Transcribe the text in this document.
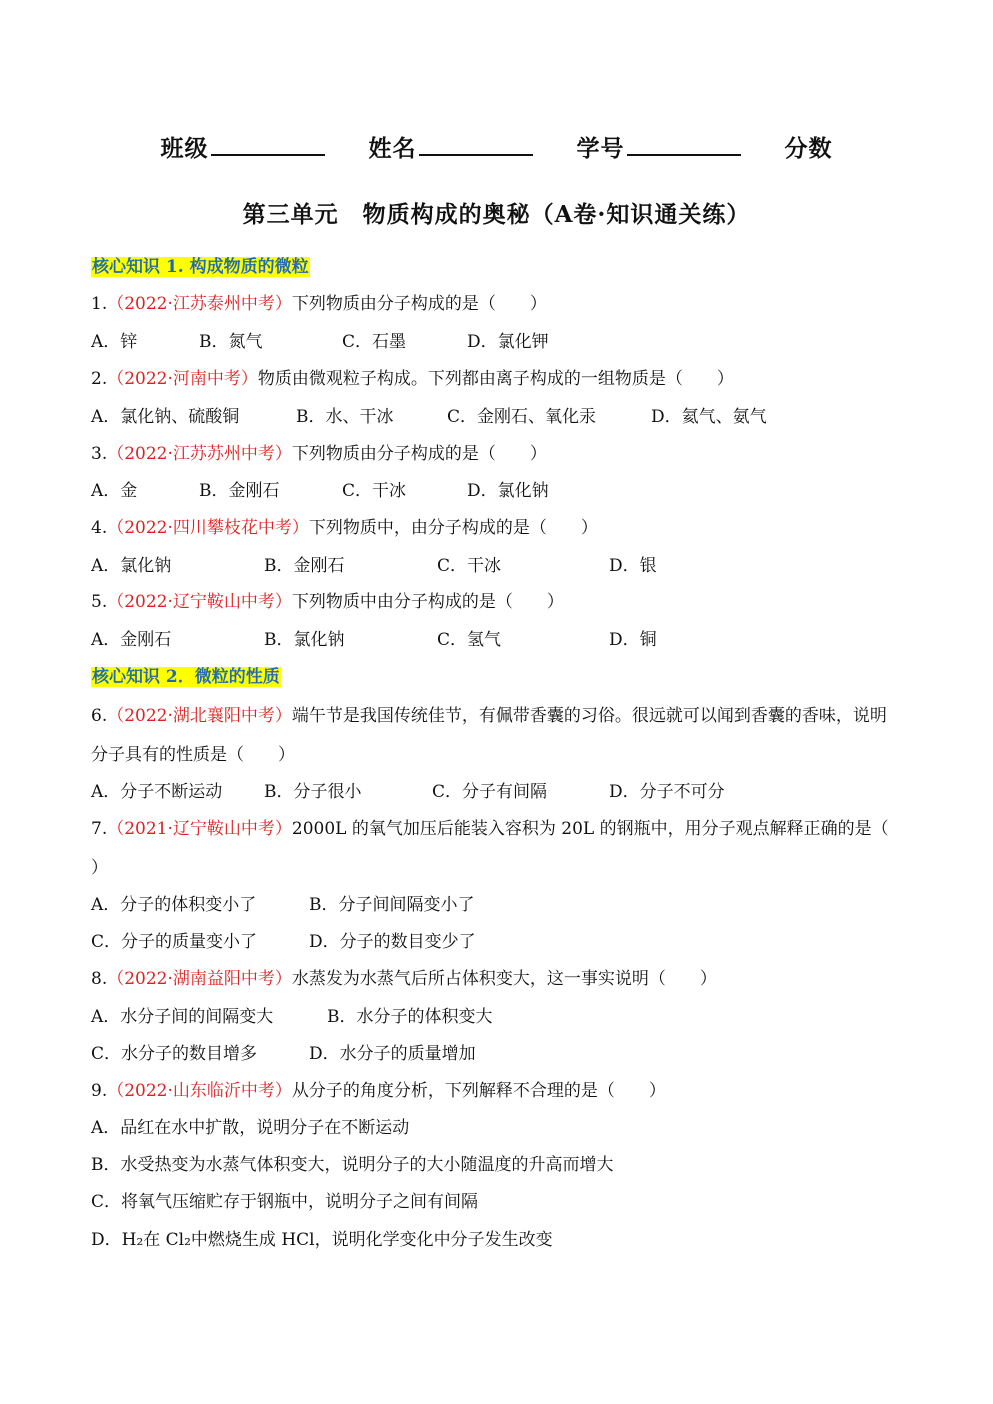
班级	姓名	学号	分数
第三单元　物质构成的奥秘（A卷·知识通关练）
核心知识 1. 构成物质的微粒
1.（2022·江苏泰州中考）下列物质由分子构成的是（　　）
A．锌	B．氮气	C．石墨	D．氯化钾
2.（2022·河南中考）物质由微观粒子构成。下列都由离子构成的一组物质是（　　）
A．氯化钠、硫酸铜	B．水、干冰	C．金刚石、氧化汞	D．氦气、氨气
3.（2022·江苏苏州中考）下列物质由分子构成的是（　　）
A．金	B．金刚石	C．干冰	D．氯化钠
4.（2022·四川攀枝花中考）下列物质中，由分子构成的是（　　）
A．氯化钠	B．金刚石	C．干冰	D．银
5.（2022·辽宁鞍山中考）下列物质中由分子构成的是（　　）
A．金刚石	B．氯化钠	C．氢气	D．铜
核心知识 2．微粒的性质
6.（2022·湖北襄阳中考）端午节是我国传统佳节，有佩带香囊的习俗。很远就可以闻到香囊的香味，说明
分子具有的性质是（　　）
A．分子不断运动 B．分子很小	C．分子有间隔	D．分子不可分
7.（2021·辽宁鞍山中考）2000L 的氧气加压后能装入容积为 20L 的钢瓶中，用分子观点解释正确的是（
）
A．分子的体积变小了	B．分子间间隔变小了
C．分子的质量变小了	D．分子的数目变少了
8.（2022·湖南益阳中考）水蒸发为水蒸气后所占体积变大，这一事实说明（　　）
A．水分子间的间隔变大	B．水分子的体积变大
C．水分子的数目增多	D．水分子的质量增加
9.（2022·山东临沂中考）从分子的角度分析，下列解释不合理的是（　　）
A．品红在水中扩散，说明分子在不断运动
B．水受热变为水蒸气体积变大，说明分子的大小随温度的升高而增大
C．将氧气压缩贮存于钢瓶中，说明分子之间有间隔
D．H₂在 Cl₂中燃烧生成 HCl，说明化学变化中分子发生改变
